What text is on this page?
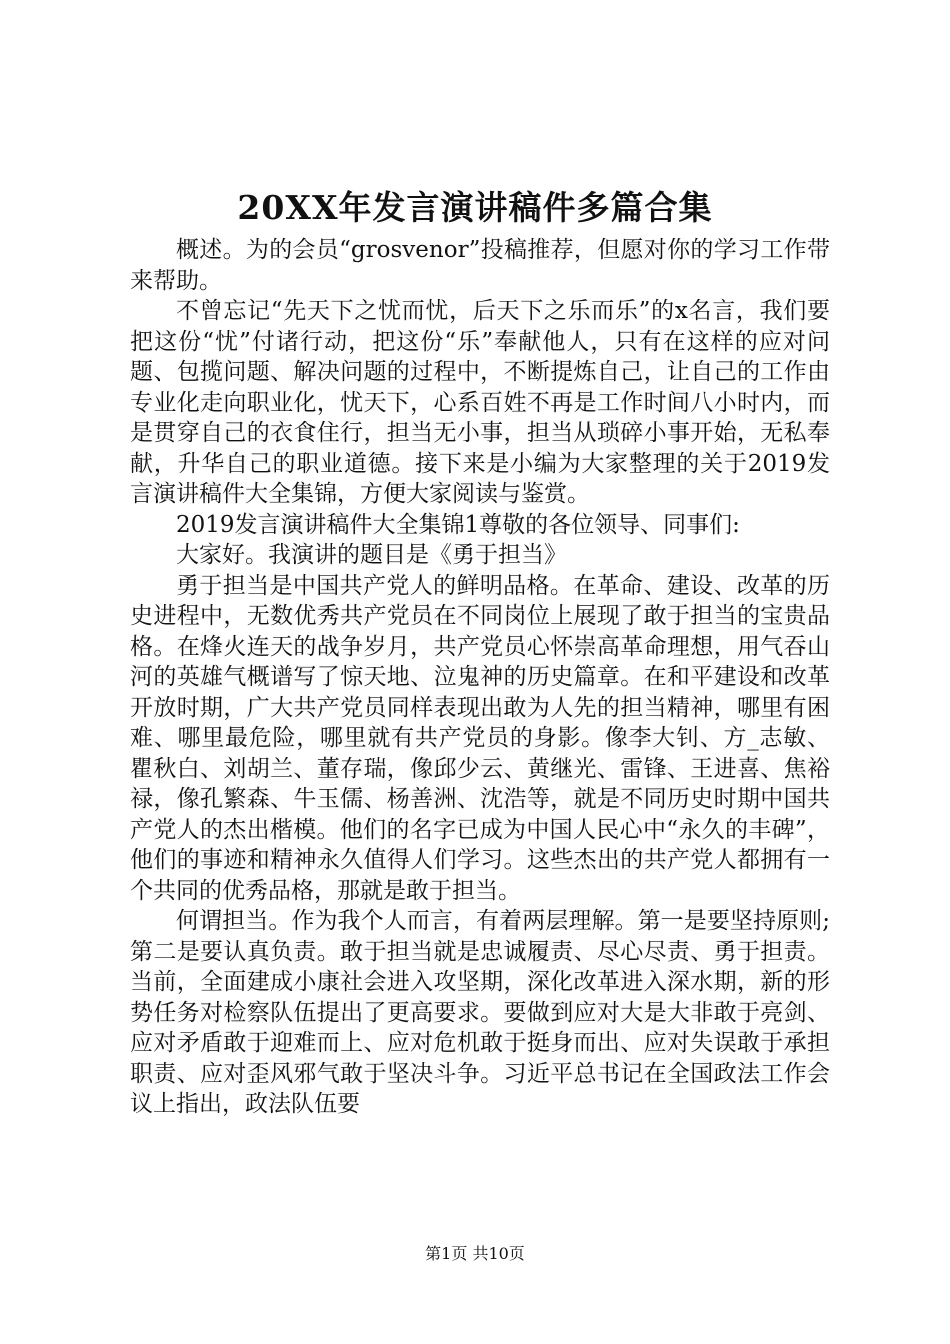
20XX年发言演讲稿件多篇合集

概述。为的会员“grosvenor”投稿推荐，但愿对你的学习工作带来帮助。

不曾忘记“先天下之忧而忧，后天下之乐而乐”的x名言，我们要把这份“忧”付诸行动，把这份“乐”奉献他人，只有在这样的应对问题、包揽问题、解决问题的过程中，不断提炼自己，让自己的工作由专业化走向职业化，忧天下，心系百姓不再是工作时间八小时内，而是贯穿自己的衣食住行，担当无小事，担当从琐碎小事开始，无私奉献，升华自己的职业道德。接下来是小编为大家整理的关于2019发言演讲稿件大全集锦，方便大家阅读与鉴赏。

2019发言演讲稿件大全集锦1尊敬的各位领导、同事们:

大家好。我演讲的题目是《勇于担当》

勇于担当是中国共产党人的鲜明品格。在革命、建设、改革的历史进程中，无数优秀共产党员在不同岗位上展现了敢于担当的宝贵品格。在烽火连天的战争岁月，共产党员心怀崇高革命理想，用气吞山河的英雄气概谱写了惊天地、泣鬼神的历史篇章。在和平建设和改革开放时期，广大共产党员同样表现出敢为人先的担当精神，哪里有困难、哪里最危险，哪里就有共产党员的身影。像李大钊、方_志敏、瞿秋白、刘胡兰、董存瑞，像邱少云、黄继光、雷锋、王进喜、焦裕禄，像孔繁森、牛玉儒、杨善洲、沈浩等，就是不同历史时期中国共产党人的杰出楷模。他们的名字已成为中国人民心中“永久的丰碑”，他们的事迹和精神永久值得人们学习。这些杰出的共产党人都拥有一个共同的优秀品格，那就是敢于担当。

何谓担当。作为我个人而言，有着两层理解。第一是要坚持原则;第二是要认真负责。敢于担当就是忠诚履责、尽心尽责、勇于担责。当前，全面建成小康社会进入攻坚期，深化改革进入深水期，新的形势任务对检察队伍提出了更高要求。要做到应对大是大非敢于亮剑、应对矛盾敢于迎难而上、应对危机敢于挺身而出、应对失误敢于承担职责、应对歪风邪气敢于坚决斗争。习近平总书记在全国政法工作会议上指出，政法队伍要

第1页 共10页
